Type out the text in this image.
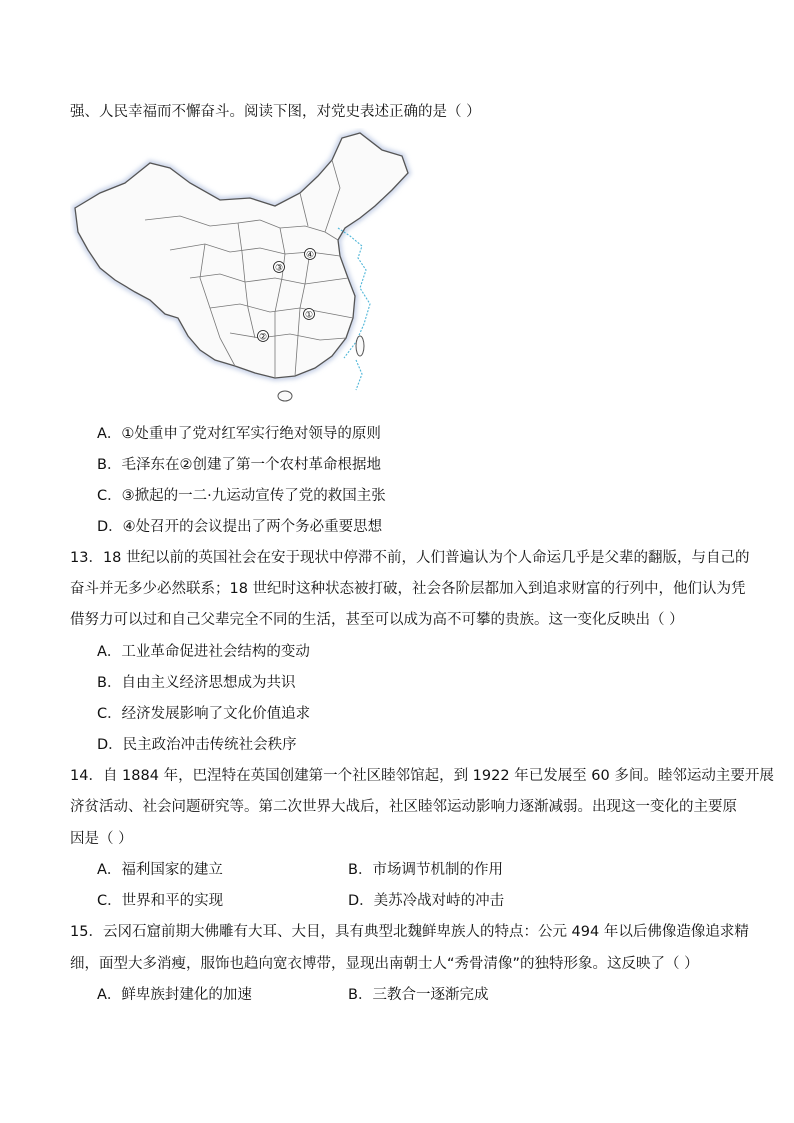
强、人民幸福而不懈奋斗。阅读下图，对党史表述正确的是（ ）
①
②
③
④
A．①处重申了党对红军实行绝对领导的原则
B．毛泽东在②创建了第一个农村革命根据地
C．③掀起的一二·九运动宣传了党的救国主张
D．④处召开的会议提出了两个务必重要思想
13．18 世纪以前的英国社会在安于现状中停滞不前，人们普遍认为个人命运几乎是父辈的翻版，与自己的
奋斗并无多少必然联系；18 世纪时这种状态被打破，社会各阶层都加入到追求财富的行列中，他们认为凭
借努力可以过和自己父辈完全不同的生活，甚至可以成为高不可攀的贵族。这一变化反映出（ ）
A．工业革命促进社会结构的变动
B．自由主义经济思想成为共识
C．经济发展影响了文化价值追求
D．民主政治冲击传统社会秩序
14．自 1884 年，巴涅特在英国创建第一个社区睦邻馆起，到 1922 年已发展至 60 多间。睦邻运动主要开展
济贫活动、社会问题研究等。第二次世界大战后，社区睦邻运动影响力逐渐减弱。出现这一变化的主要原
因是（ ）
A．福利国家的建立	B．市场调节机制的作用
C．世界和平的实现	D．美苏冷战对峙的冲击
15．云冈石窟前期大佛雕有大耳、大目，具有典型北魏鲜卑族人的特点：公元 494 年以后佛像造像追求精
细，面型大多消瘦，服饰也趋向宽衣博带，显现出南朝士人“秀骨清像”的独特形象。这反映了（ ）
A．鲜卑族封建化的加速	B．三教合一逐渐完成
